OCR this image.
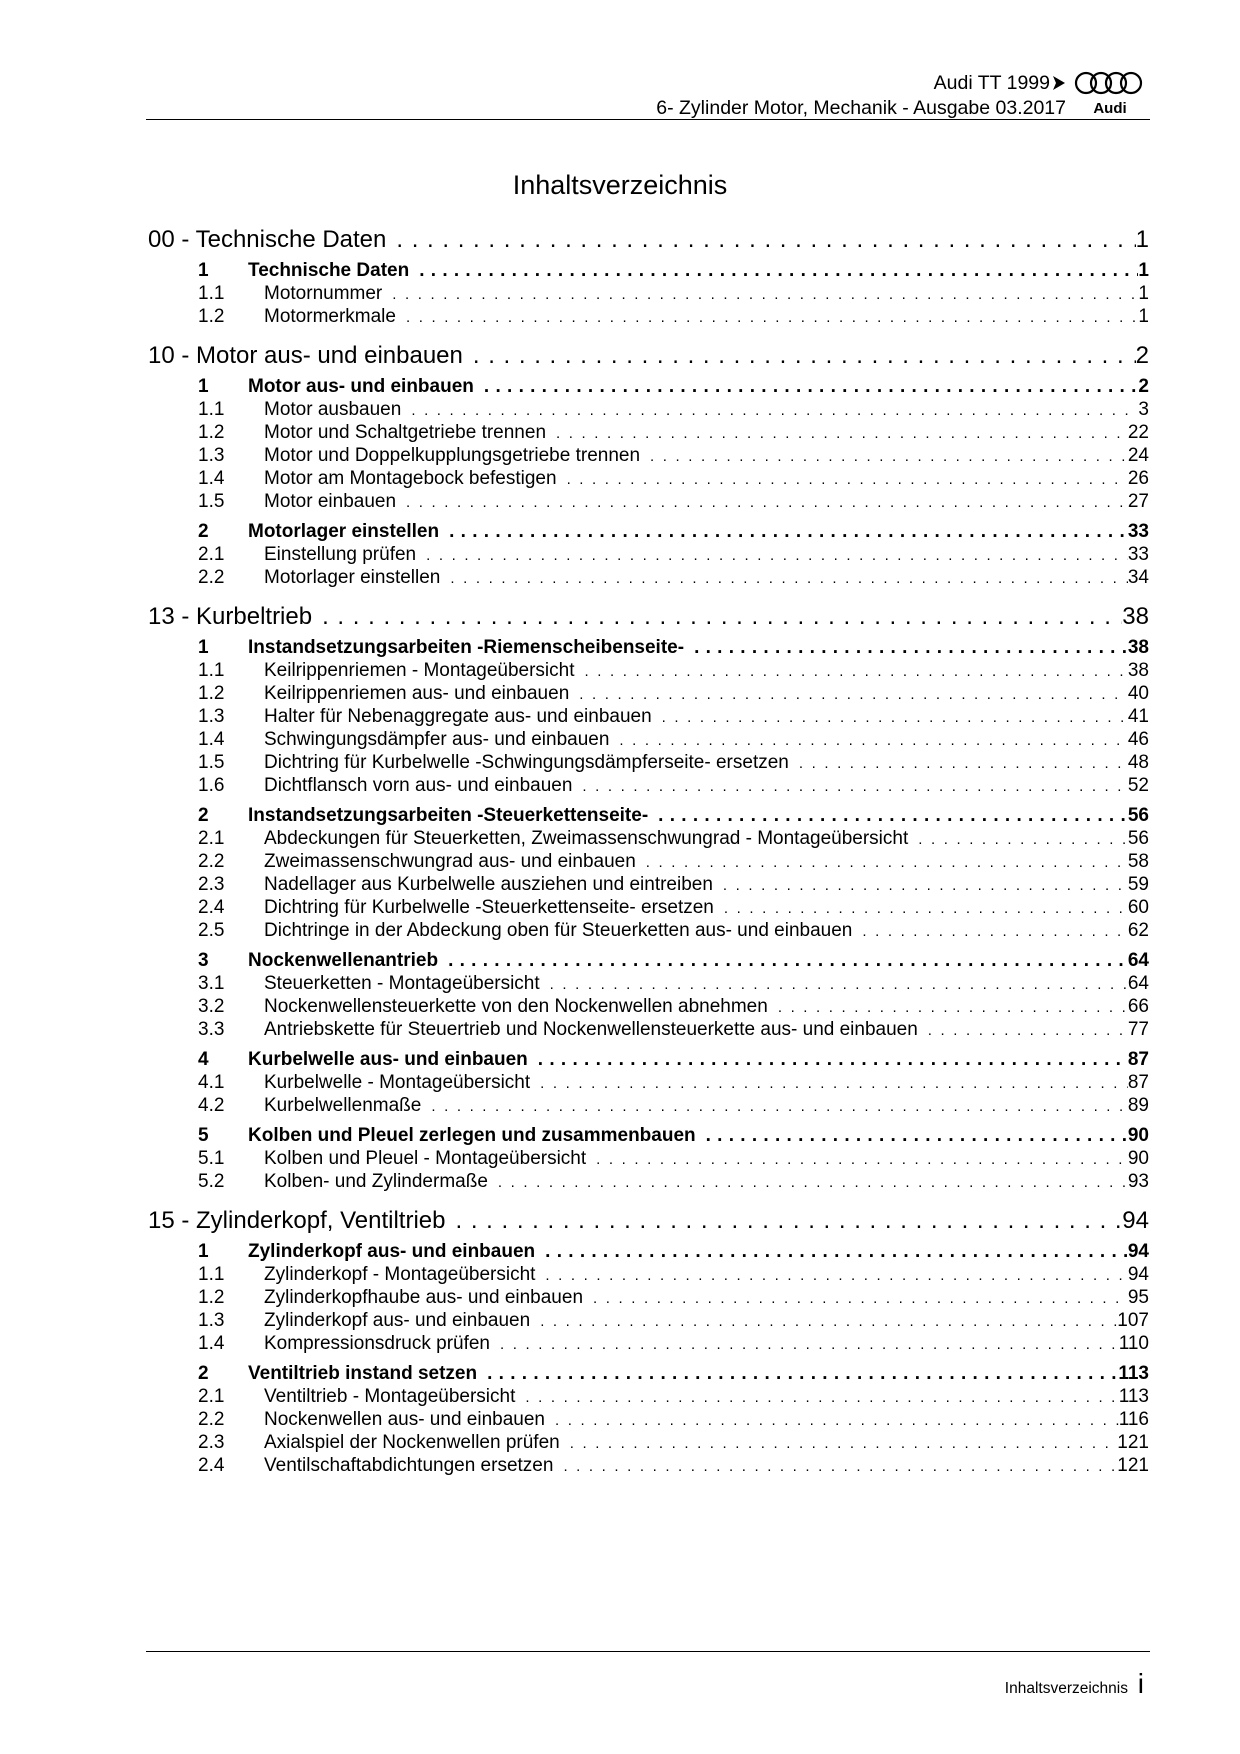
Audi TT 1999
6- Zylinder Motor, Mechanik - Ausgabe 03.2017 Audi
Inhaltsverzeichnis
00 - Technische Daten . . .	1
1	Technische Daten . . .	1
1.1	Motornummer . . .	1
1.2	Motormerkmale . . .	1
10 - Motor aus- und einbauen . . .	2
1	Motor aus- und einbauen . . .	2
1.1	Motor ausbauen . . .	3
1.2	Motor und Schaltgetriebe trennen . . .	22
1.3	Motor und Doppelkupplungsgetriebe trennen . . .	24
1.4	Motor am Montagebock befestigen . . .	26
1.5	Motor einbauen . . .	27
2	Motorlager einstellen . . .	33
2.1	Einstellung prüfen . . .	33
2.2	Motorlager einstellen . . .	34
13 - Kurbeltrieb . . .	38
1	Instandsetzungsarbeiten -Riemenscheibenseite- . . .	38
1.1	Keilrippenriemen - Montageübersicht . . .	38
1.2	Keilrippenriemen aus- und einbauen . . .	40
1.3	Halter für Nebenaggregate aus- und einbauen . . .	41
1.4	Schwingungsdämpfer aus- und einbauen . . .	46
1.5	Dichtring für Kurbelwelle -Schwingungsdämpferseite- ersetzen . . .	48
1.6	Dichtflansch vorn aus- und einbauen . . .	52
2	Instandsetzungsarbeiten -Steuerkettenseite- . . .	56
2.1	Abdeckungen für Steuerketten, Zweimassenschwungrad - Montageübersicht . . .	56
2.2	Zweimassenschwungrad aus- und einbauen . . .	58
2.3	Nadellager aus Kurbelwelle ausziehen und eintreiben . . .	59
2.4	Dichtring für Kurbelwelle -Steuerkettenseite- ersetzen . . .	60
2.5	Dichtringe in der Abdeckung oben für Steuerketten aus- und einbauen . . .	62
3	Nockenwellenantrieb . . .	64
3.1	Steuerketten - Montageübersicht . . .	64
3.2	Nockenwellensteuerkette von den Nockenwellen abnehmen . . .	66
3.3	Antriebskette für Steuertrieb und Nockenwellensteuerkette aus- und einbauen . . .	77
4	Kurbelwelle aus- und einbauen . . .	87
4.1	Kurbelwelle - Montageübersicht . . .	87
4.2	Kurbelwellenmaße . . .	89
5	Kolben und Pleuel zerlegen und zusammenbauen . . .	90
5.1	Kolben und Pleuel - Montageübersicht . . .	90
5.2	Kolben- und Zylindermaße . . .	93
15 - Zylinderkopf, Ventiltrieb . . .	94
1	Zylinderkopf aus- und einbauen . . .	94
1.1	Zylinderkopf - Montageübersicht . . .	94
1.2	Zylinderkopfhaube aus- und einbauen . . .	95
1.3	Zylinderkopf aus- und einbauen . . .	107
1.4	Kompressionsdruck prüfen . . .	110
2	Ventiltrieb instand setzen . . .	113
2.1	Ventiltrieb - Montageübersicht . . .	113
2.2	Nockenwellen aus- und einbauen . . .	116
2.3	Axialspiel der Nockenwellen prüfen . . .	121
2.4	Ventilschaftabdichtungen ersetzen . . .	121
Inhaltsverzeichnis i
